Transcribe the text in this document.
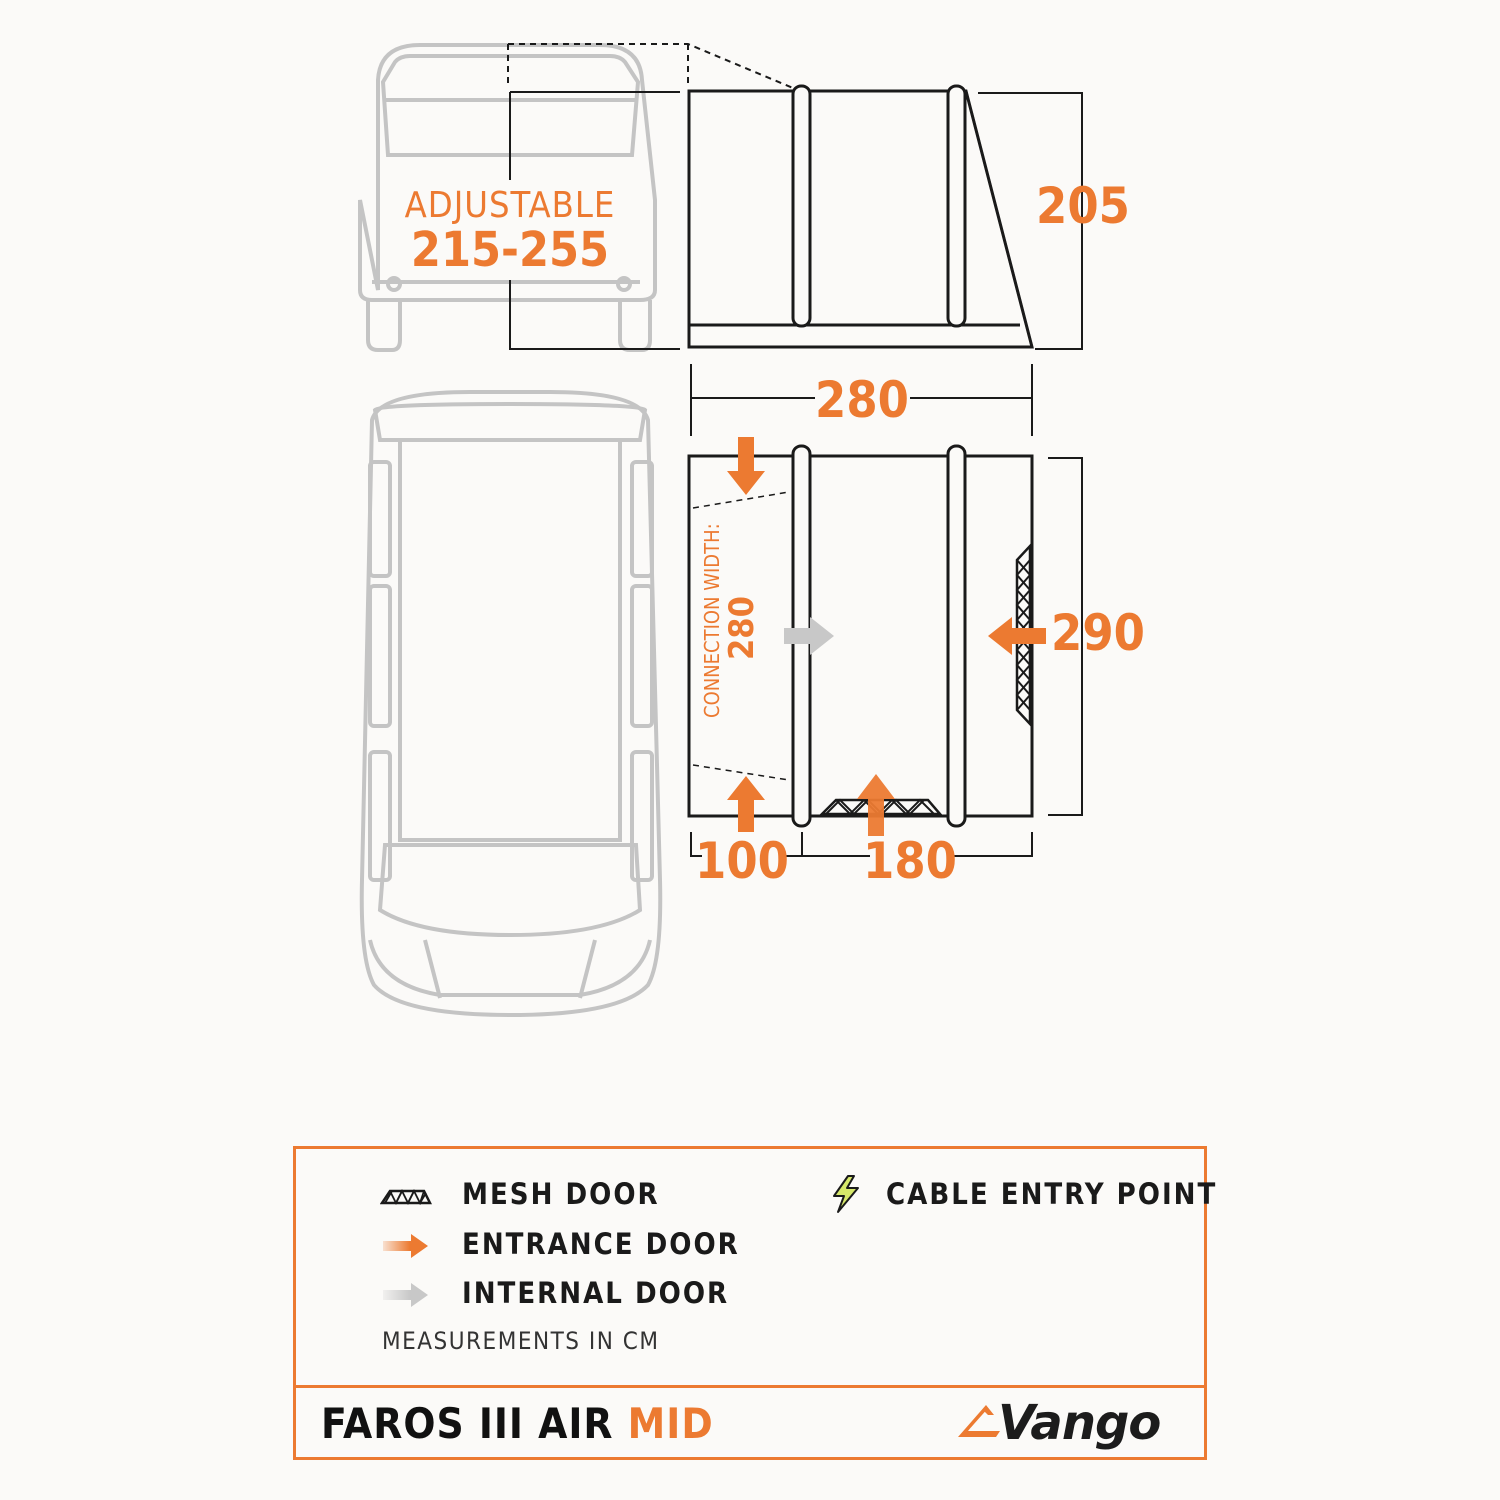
ADJUSTABLE
215-255
205
280
290
100 180
CONNECTION WIDTH:
280
MESH DOOR
ENTRANCE DOOR
INTERNAL DOOR
MEASUREMENTS IN CM
CABLE ENTRY POINT
FAROS III AIR MID	Vango
